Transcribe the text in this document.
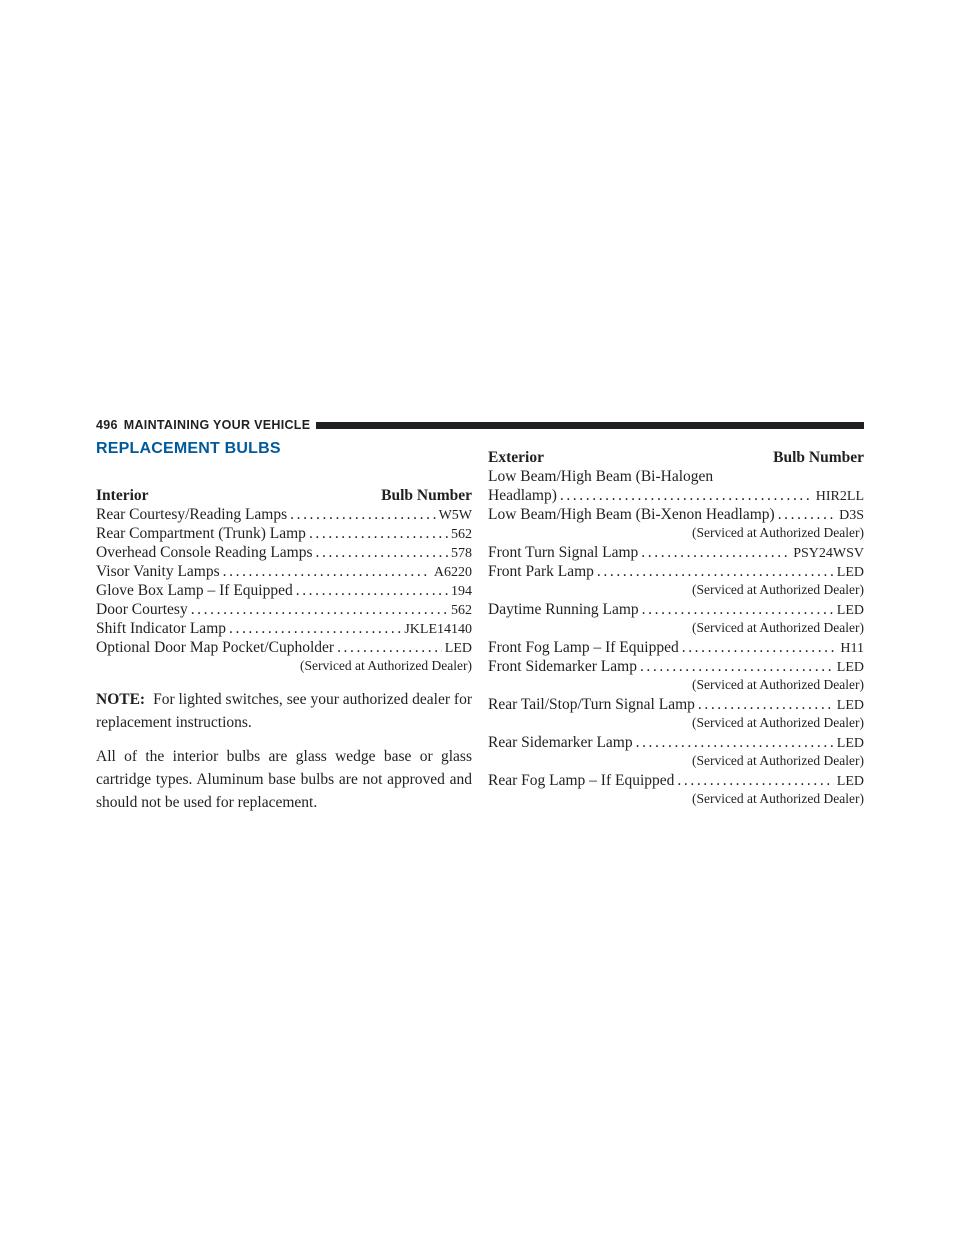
496 MAINTAINING YOUR VEHICLE
REPLACEMENT BULBS
Interior	Bulb Number
Rear Courtesy/Reading Lamps .....	W5W
Rear Compartment (Trunk) Lamp .....	562
Overhead Console Reading Lamps .....	578
Visor Vanity Lamps .....	A6220
Glove Box Lamp – If Equipped .....	194
Door Courtesy .....	562
Shift Indicator Lamp .....	JKLE14140
Optional Door Map Pocket/Cupholder .....	LED
(Serviced at Authorized Dealer)

NOTE: For lighted switches, see your authorized dealer for replacement instructions.

All of the interior bulbs are glass wedge base or glass cartridge types. Aluminum base bulbs are not approved and should not be used for replacement.

Exterior	Bulb Number
Low Beam/High Beam (Bi-Halogen
Headlamp) .....	HIR2LL
Low Beam/High Beam (Bi-Xenon Headlamp) .....	D3S
(Serviced at Authorized Dealer)
Front Turn Signal Lamp .....	PSY24WSV
Front Park Lamp .....	LED
(Serviced at Authorized Dealer)
Daytime Running Lamp .....	LED
(Serviced at Authorized Dealer)
Front Fog Lamp – If Equipped .....	H11
Front Sidemarker Lamp .....	LED
(Serviced at Authorized Dealer)
Rear Tail/Stop/Turn Signal Lamp .....	LED
(Serviced at Authorized Dealer)
Rear Sidemarker Lamp .....	LED
(Serviced at Authorized Dealer)
Rear Fog Lamp – If Equipped .....	LED
(Serviced at Authorized Dealer)
